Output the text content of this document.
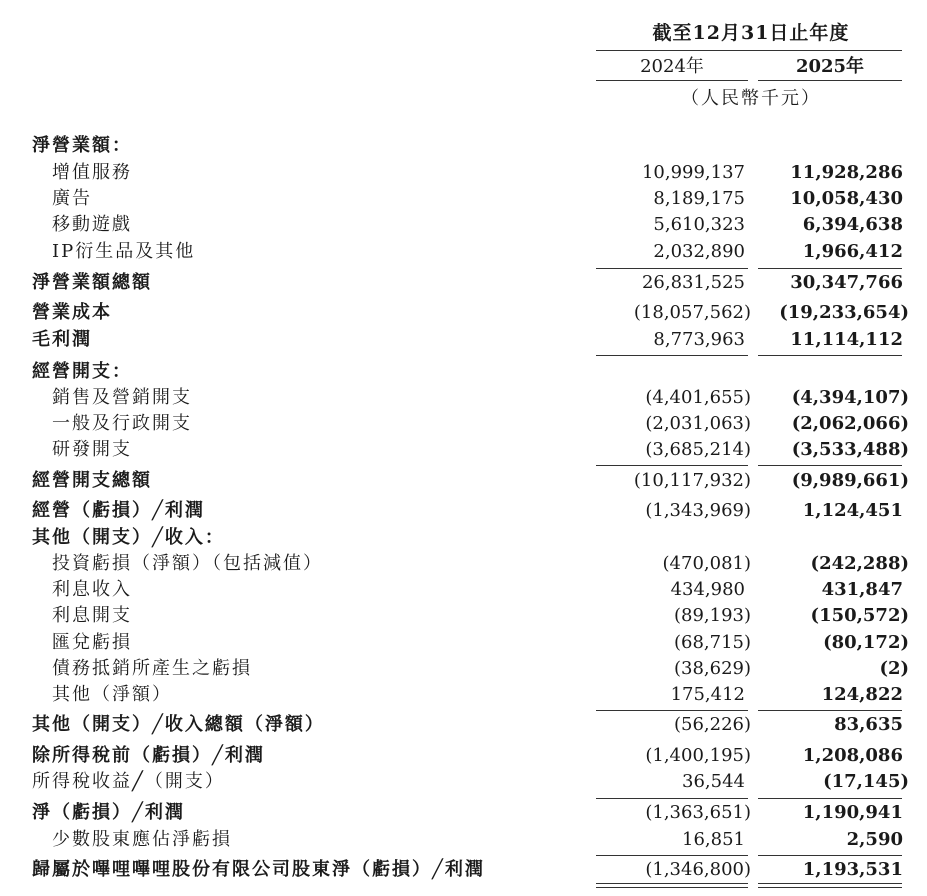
截至12月31日止年度
2024年	2025年
（人民幣千元）
淨營業額：
增值服務	10,999,137	11,928,286
廣告	8,189,175	10,058,430
移動遊戲	5,610,323	6,394,638
IP衍生品及其他	2,032,890	1,966,412
淨營業額總額	26,831,525	30,347,766
營業成本	(18,057,562) (19,233,654)
毛利潤	8,773,963	11,114,112
經營開支：
銷售及營銷開支	(4,401,655) (4,394,107)
一般及行政開支	(2,031,063) (2,062,066)
研發開支	(3,685,214) (3,533,488)
經營開支總額	(10,117,932) (9,989,661)
經營（虧損）╱利潤	(1,343,969)	1,124,451
其他（開支）╱收入：
投資虧損（淨額）（包括減值）	(470,081)	(242,288)
利息收入	434,980	431,847
利息開支	(89,193)	(150,572)
匯兌虧損	(68,715)	(80,172)
債務抵銷所產生之虧損	(38,629)	(2)
其他（淨額）	175,412	124,822
其他（開支）╱收入總額（淨額）	(56,226)	83,635
除所得稅前（虧損）╱利潤	(1,400,195)	1,208,086
所得稅收益╱（開支）	36,544	(17,145)
淨（虧損）╱利潤	(1,363,651)	1,190,941
少數股東應佔淨虧損	16,851	2,590
歸屬於嗶哩嗶哩股份有限公司股東淨（虧損）╱利潤	(1,346,800)	1,193,531
